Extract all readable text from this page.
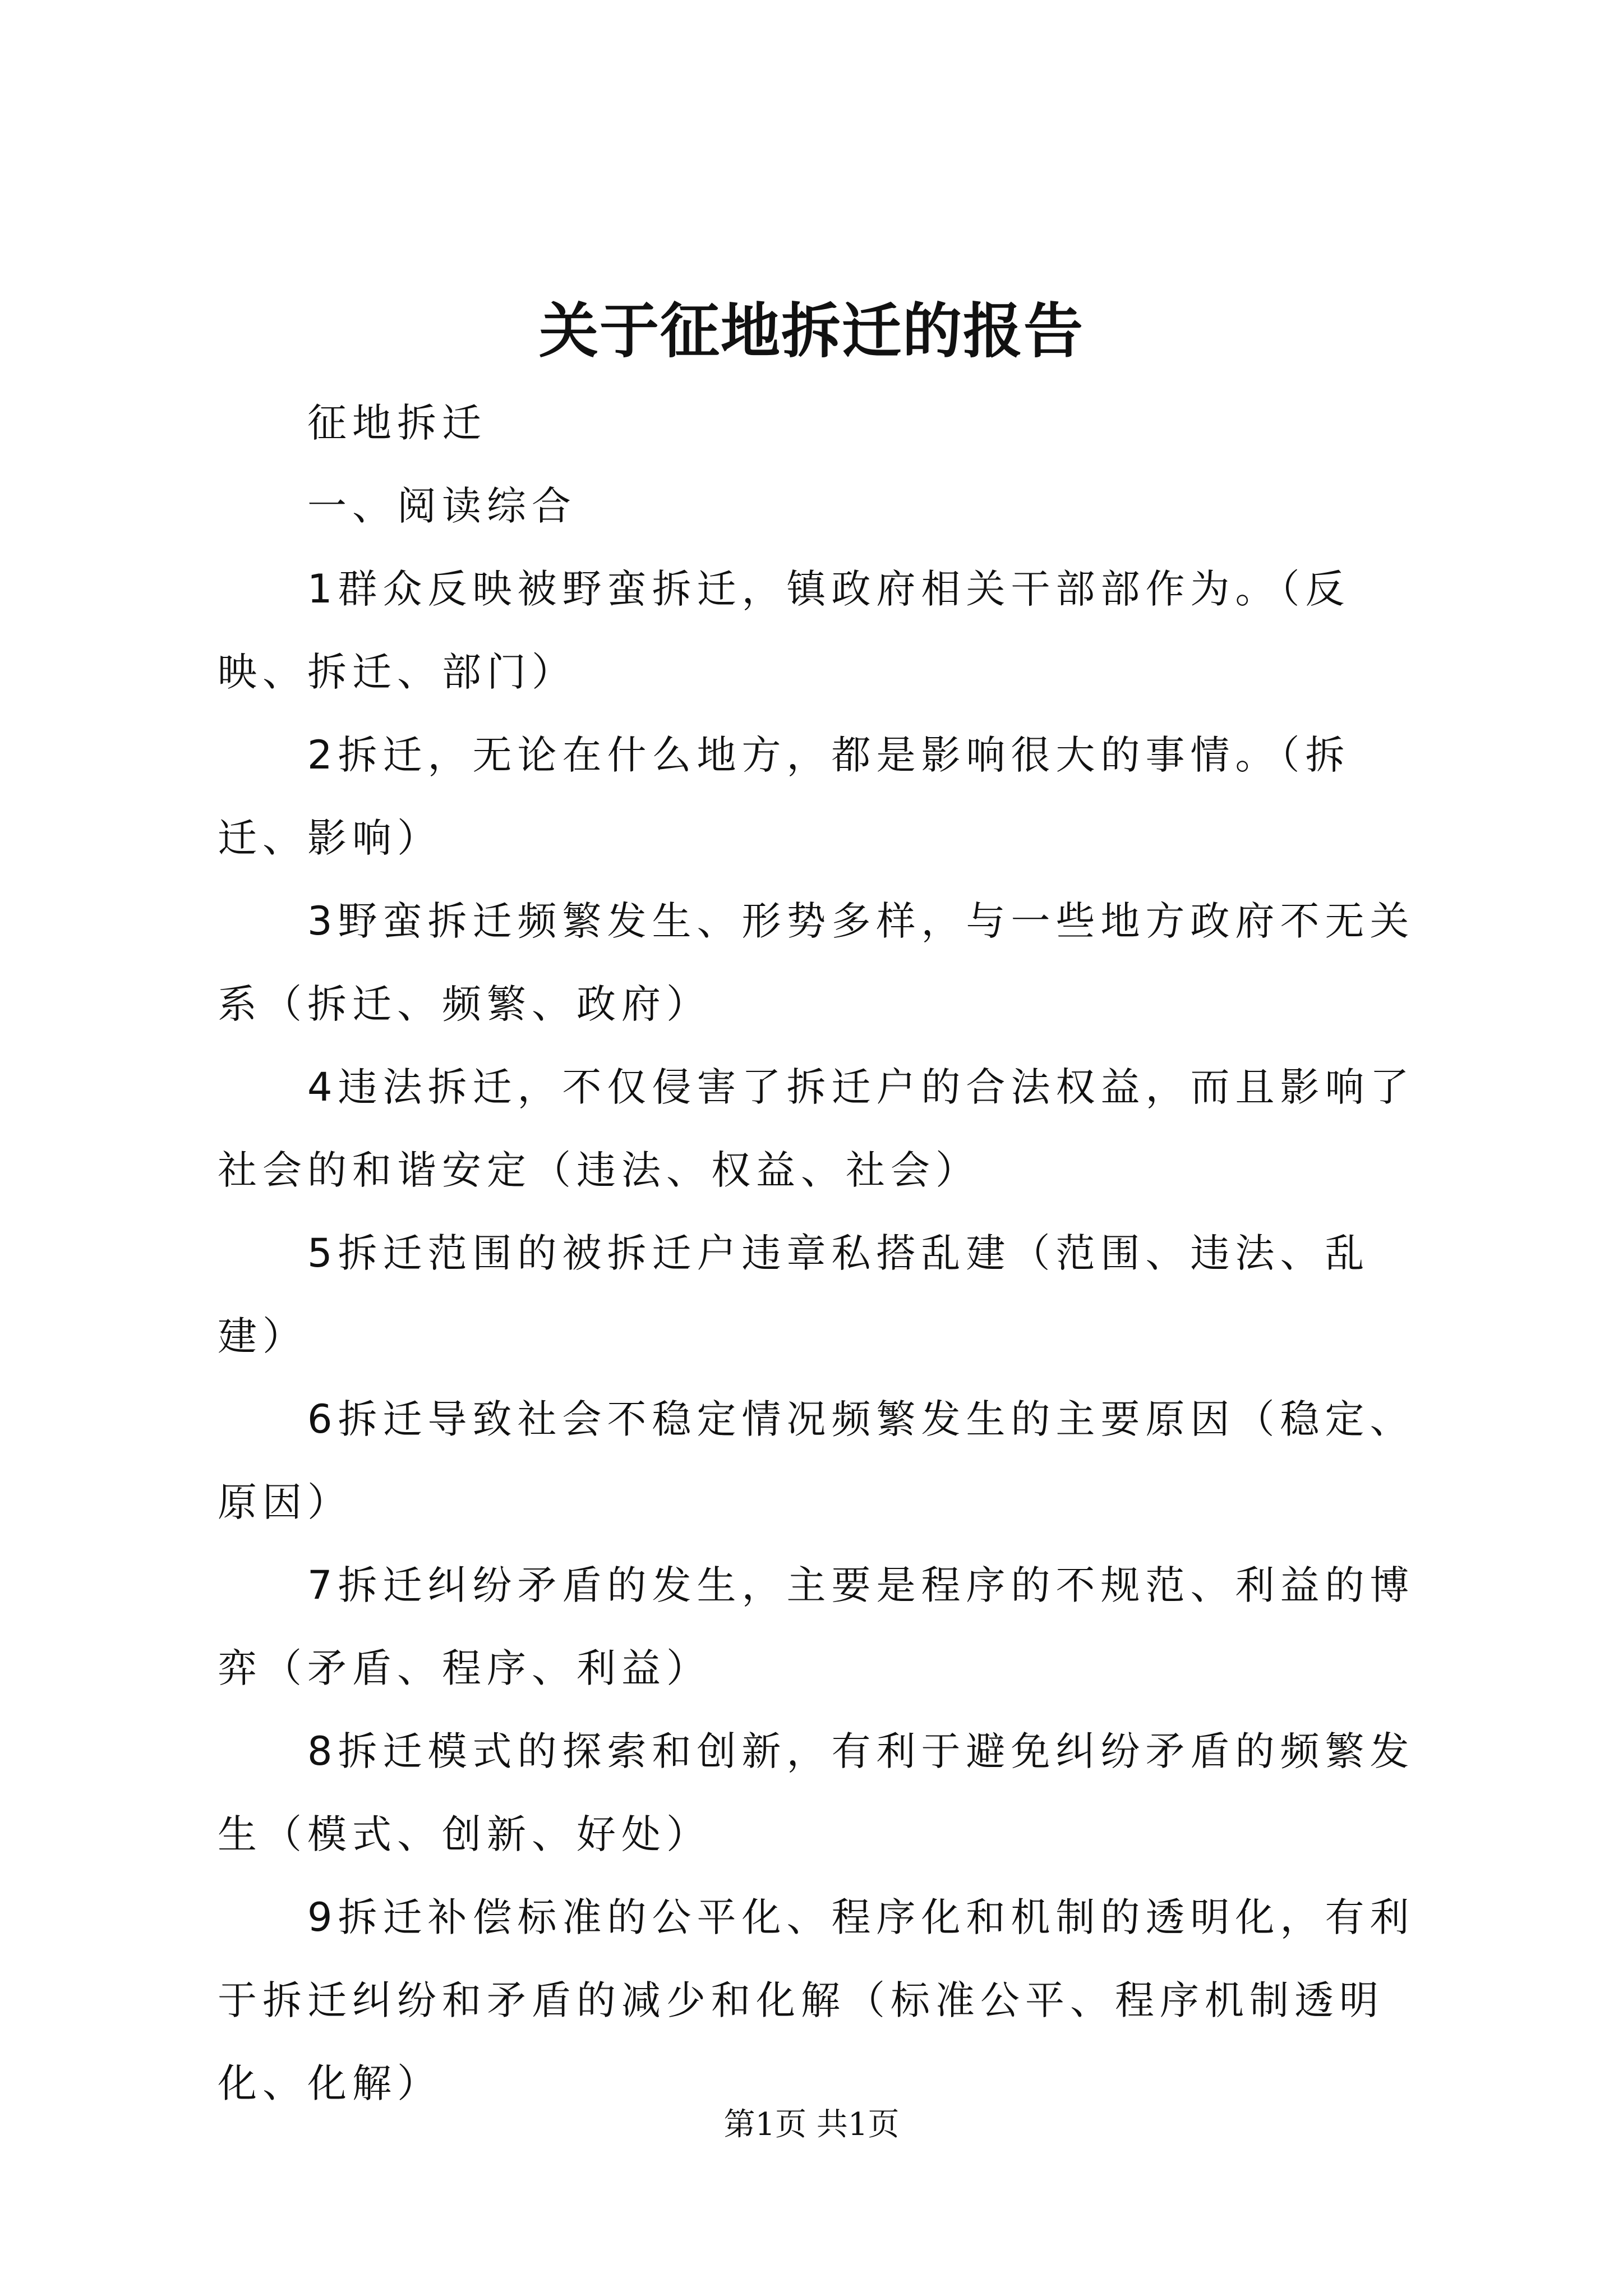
关于征地拆迁的报告

征地拆迁

一、阅读综合

1群众反映被野蛮拆迁，镇政府相关干部部作为。（反映、拆迁、部门）

2拆迁，无论在什么地方，都是影响很大的事情。（拆迁、影响）

3野蛮拆迁频繁发生、形势多样，与一些地方政府不无关系（拆迁、频繁、政府）

4违法拆迁，不仅侵害了拆迁户的合法权益，而且影响了社会的和谐安定（违法、权益、社会）

5拆迁范围的被拆迁户违章私搭乱建（范围、违法、乱建）

6拆迁导致社会不稳定情况频繁发生的主要原因（稳定、原因）

7拆迁纠纷矛盾的发生，主要是程序的不规范、利益的博弈（矛盾、程序、利益）

8拆迁模式的探索和创新，有利于避免纠纷矛盾的频繁发生（模式、创新、好处）

9拆迁补偿标准的公平化、程序化和机制的透明化，有利于拆迁纠纷和矛盾的减少和化解（标准公平、程序机制透明化、化解）

第1页 共1页
